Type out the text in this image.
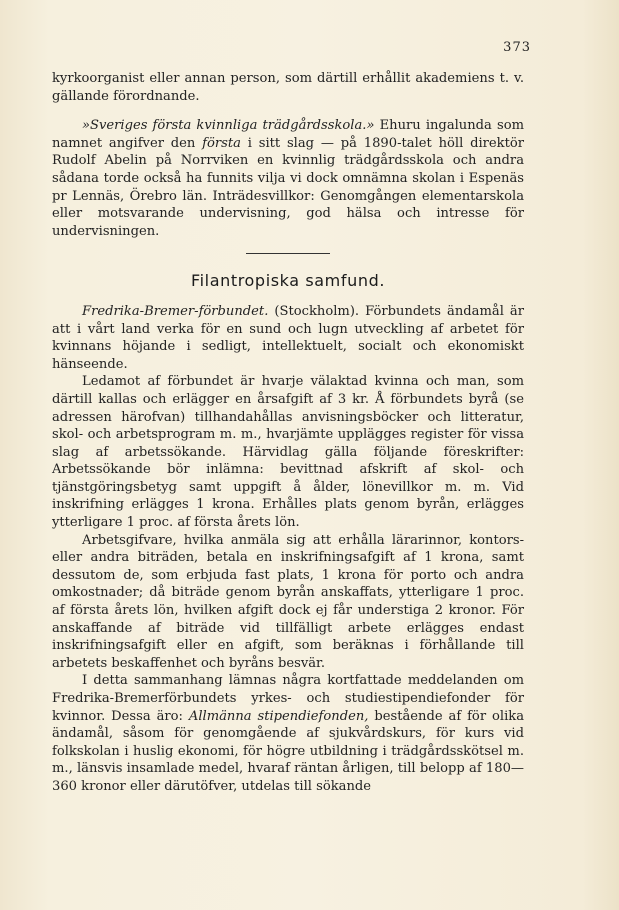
373

kyrkoorganist eller annan person, som därtill erhållit akademiens t. v. gällande förordnande.

»Sveriges första kvinnliga trädgårdsskola.» Ehuru ingalunda som namnet angifver den första i sitt slag — på 1890-talet höll direktör Rudolf Abelin på Norrviken en kvinnlig trädgårdsskola och andra sådana torde också ha funnits vilja vi dock omnämna skolan i Espenäs pr Lennäs, Örebro län. Inträdesvillkor: Genomgången elementarskola eller motsvarande undervisning, god hälsa och intresse för undervisningen.

Filantropiska samfund.

Fredrika-Bremer-förbundet. (Stockholm). Förbundets ändamål är att i vårt land verka för en sund och lugn utveckling af arbetet för kvinnans höjande i sedligt, intellektuelt, socialt och ekonomiskt hänseende.

Ledamot af förbundet är hvarje välaktad kvinna och man, som därtill kallas och erlägger en årsafgift af 3 kr. Å förbundets byrå (se adressen härofvan) tillhandahållas anvisningsböcker och litteratur, skol- och arbetsprogram m. m., hvarjämte upplägges register för vissa slag af arbetssökande. Härvidlag gälla följande föreskrifter: Arbetssökande bör inlämna: bevittnad afskrift af skol- och tjänstgöringsbetyg samt uppgift å ålder, lönevillkor m. m. Vid inskrifning erlägges 1 krona. Erhålles plats genom byrån, erlägges ytterligare 1 proc. af första årets lön.

Arbetsgifvare, hvilka anmäla sig att erhålla lärarinnor, kontors- eller andra biträden, betala en inskrifningsafgift af 1 krona, samt dessutom de, som erbjuda fast plats, 1 krona för porto och andra omkostnader; då biträde genom byrån anskaffats, ytterligare 1 proc. af första årets lön, hvilken afgift dock ej får understiga 2 kronor. För anskaffande af biträde vid tillfälligt arbete erlägges endast inskrifningsafgift eller en afgift, som beräknas i förhållande till arbetets beskaffenhet och byråns besvär.

I detta sammanhang lämnas några kortfattade meddelanden om Fredrika-Bremerförbundets yrkes- och studiestipendiefonder för kvinnor. Dessa äro: Allmänna stipendiefonden, bestående af för olika ändamål, såsom för genomgående af sjukvårdskurs, för kurs vid folkskolan i huslig ekonomi, för högre utbildning i trädgårdsskötsel m. m., länsvis insamlade medel, hvaraf räntan årligen, till belopp af 180—360 kronor eller därutöfver, utdelas till sökande
